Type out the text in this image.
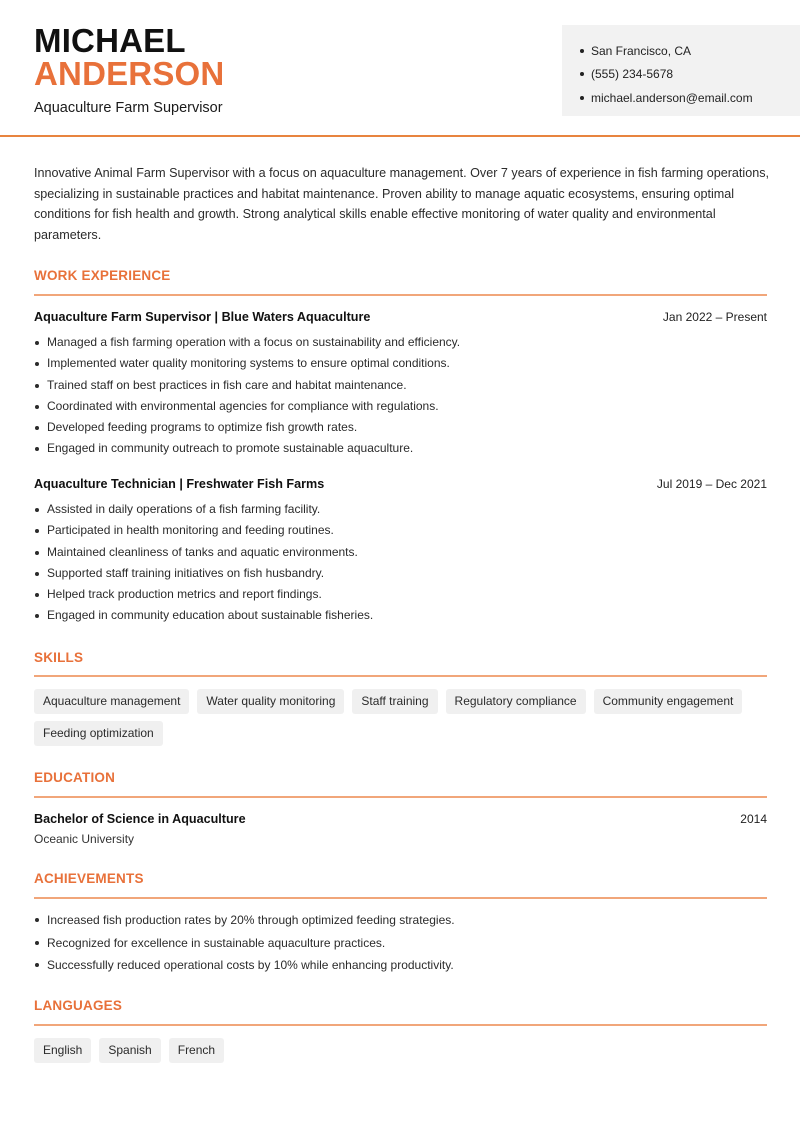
MICHAEL
ANDERSON
Aquaculture Farm Supervisor
San Francisco, CA
(555) 234-5678
michael.anderson@email.com

Innovative Animal Farm Supervisor with a focus on aquaculture management. Over 7 years of experience in fish farming operations, specializing in sustainable practices and habitat maintenance. Proven ability to manage aquatic ecosystems, ensuring optimal conditions for fish health and growth. Strong analytical skills enable effective monitoring of water quality and environmental parameters.

WORK EXPERIENCE
Aquaculture Farm Supervisor | Blue Waters Aquaculture	Jan 2022 – Present
Managed a fish farming operation with a focus on sustainability and efficiency.
Implemented water quality monitoring systems to ensure optimal conditions.
Trained staff on best practices in fish care and habitat maintenance.
Coordinated with environmental agencies for compliance with regulations.
Developed feeding programs to optimize fish growth rates.
Engaged in community outreach to promote sustainable aquaculture.
Aquaculture Technician | Freshwater Fish Farms	Jul 2019 – Dec 2021
Assisted in daily operations of a fish farming facility.
Participated in health monitoring and feeding routines.
Maintained cleanliness of tanks and aquatic environments.
Supported staff training initiatives on fish husbandry.
Helped track production metrics and report findings.
Engaged in community education about sustainable fisheries.
SKILLS
Aquaculture management	Water quality monitoring	Staff training	Regulatory compliance	Community engagement
Feeding optimization
EDUCATION
Bachelor of Science in Aquaculture	2014
Oceanic University
ACHIEVEMENTS
Increased fish production rates by 20% through optimized feeding strategies.
Recognized for excellence in sustainable aquaculture practices.
Successfully reduced operational costs by 10% while enhancing productivity.
LANGUAGES
English	Spanish	French
